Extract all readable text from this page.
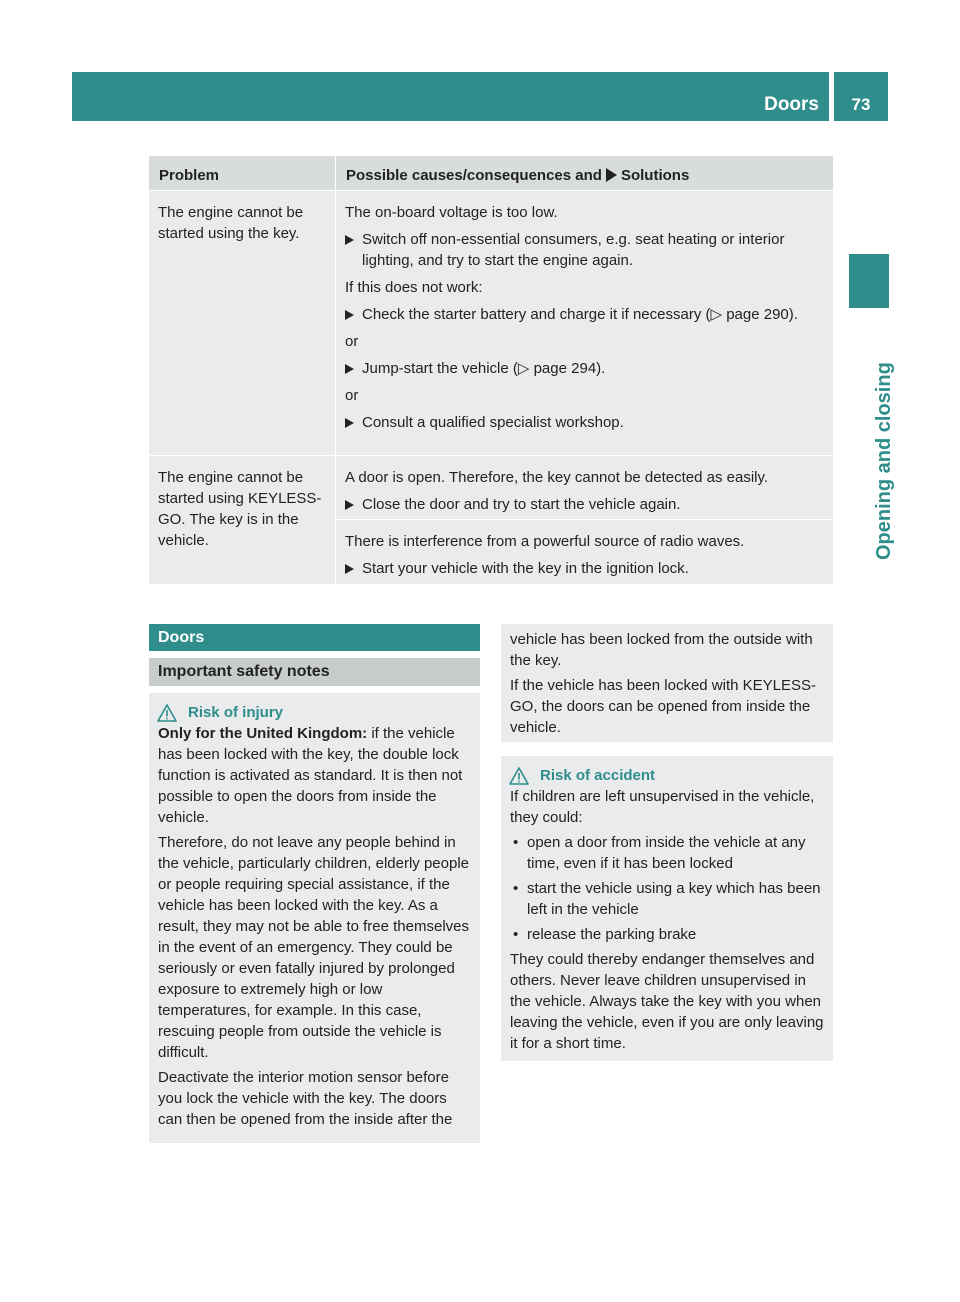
Doors	73
Opening and closing
Problem	Possible causes/consequences and Solutions
The engine cannot be started using the key.
The on-board voltage is too low.
Switch off non-essential consumers, e.g. seat heating or interior lighting, and try to start the engine again.
If this does not work:
Check the starter battery and charge it if necessary (▷ page 290).
or
Jump-start the vehicle (▷ page 294).
or
Consult a qualified specialist workshop.
The engine cannot be started using KEYLESS-GO. The key is in the vehicle.
A door is open. Therefore, the key cannot be detected as easily.
Close the door and try to start the vehicle again.
There is interference from a powerful source of radio waves.
Start your vehicle with the key in the ignition lock.
Doors
Important safety notes
Risk of injury

Only for the United Kingdom: if the vehicle has been locked with the key, the double lock function is activated as standard. It is then not possible to open the doors from inside the vehicle.

Therefore, do not leave any people behind in the vehicle, particularly children, elderly people or people requiring special assistance, if the vehicle has been locked with the key. As a result, they may not be able to free themselves in the event of an emergency. They could be seriously or even fatally injured by prolonged exposure to extremely high or low temperatures, for example. In this case, rescuing people from outside the vehicle is difficult.

Deactivate the interior motion sensor before you lock the vehicle with the key. The doors can then be opened from the inside after the

vehicle has been locked from the outside with the key.

If the vehicle has been locked with KEYLESS-GO, the doors can be opened from inside the vehicle.

Risk of accident

If children are left unsupervised in the vehicle, they could:

• open a door from inside the vehicle at any time, even if it has been locked

• start the vehicle using a key which has been left in the vehicle

• release the parking brake

They could thereby endanger themselves and others. Never leave children unsupervised in the vehicle. Always take the key with you when leaving the vehicle, even if you are only leaving it for a short time.
